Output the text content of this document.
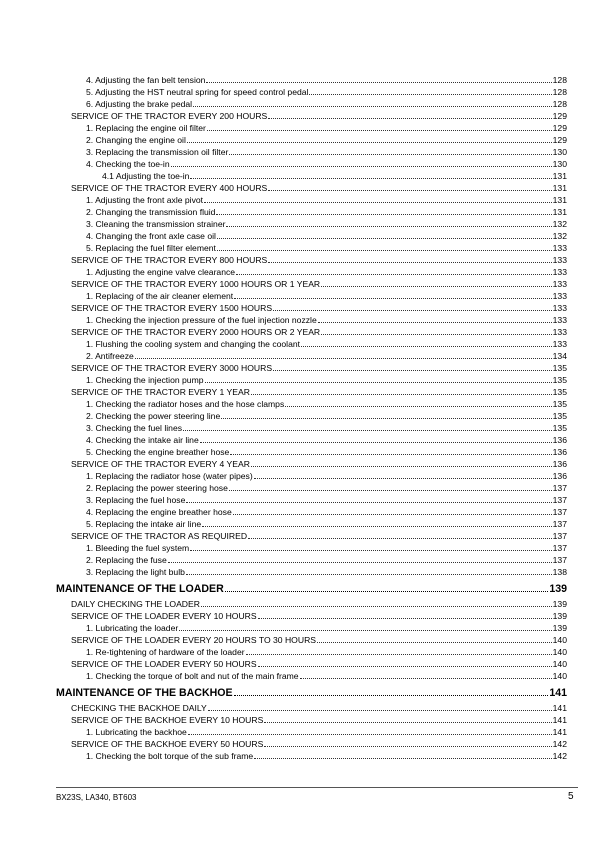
4. Adjusting the fan belt tension	128
5. Adjusting the HST neutral spring for speed control pedal	128
6. Adjusting the brake pedal	128
SERVICE OF THE TRACTOR EVERY 200 HOURS	129
1. Replacing the engine oil filter	129
2. Changing the engine oil	129
3. Replacing the transmission oil filter	130
4. Checking the toe-in	130
4.1 Adjusting the toe-in	131
SERVICE OF THE TRACTOR EVERY 400 HOURS	131
1. Adjusting the front axle pivot	131
2. Changing the transmission fluid	131
3. Cleaning the transmission strainer	132
4. Changing the front axle case oil	132
5. Replacing the fuel filter element	133
SERVICE OF THE TRACTOR EVERY 800 HOURS	133
1. Adjusting the engine valve clearance	133
SERVICE OF THE TRACTOR EVERY 1000 HOURS OR 1 YEAR	133
1. Replacing of the air cleaner element	133
SERVICE OF THE TRACTOR EVERY 1500 HOURS	133
1. Checking the injection pressure of the fuel injection nozzle	133
SERVICE OF THE TRACTOR EVERY 2000 HOURS OR 2 YEAR	133
1. Flushing the cooling system and changing the coolant	133
2. Antifreeze	134
SERVICE OF THE TRACTOR EVERY 3000 HOURS	135
1. Checking the injection pump	135
SERVICE OF THE TRACTOR EVERY 1 YEAR	135
1. Checking the radiator hoses and the hose clamps	135
2. Checking the power steering line	135
3. Checking the fuel lines	135
4. Checking the intake air line	136
5. Checking the engine breather hose	136
SERVICE OF THE TRACTOR EVERY 4 YEAR	136
1. Replacing the radiator hose (water pipes)	136
2. Replacing the power steering hose	137
3. Replacing the fuel hose	137
4. Replacing the engine breather hose	137
5. Replacing the intake air line	137
SERVICE OF THE TRACTOR AS REQUIRED	137
1. Bleeding the fuel system	137
2. Replacing the fuse	137
3. Replacing the light bulb	138
MAINTENANCE OF THE LOADER	139
DAILY CHECKING THE LOADER	139
SERVICE OF THE LOADER EVERY 10 HOURS	139
1. Lubricating the loader	139
SERVICE OF THE LOADER EVERY 20 HOURS TO 30 HOURS	140
1. Re-tightening of hardware of the loader	140
SERVICE OF THE LOADER EVERY 50 HOURS	140
1. Checking the torque of bolt and nut of the main frame	140
MAINTENANCE OF THE BACKHOE	141
CHECKING THE BACKHOE DAILY	141
SERVICE OF THE BACKHOE EVERY 10 HOURS	141
1. Lubricating the backhoe	141
SERVICE OF THE BACKHOE EVERY 50 HOURS	142
1. Checking the bolt torque of the sub frame	142
BX23S, LA340, BT603	5
